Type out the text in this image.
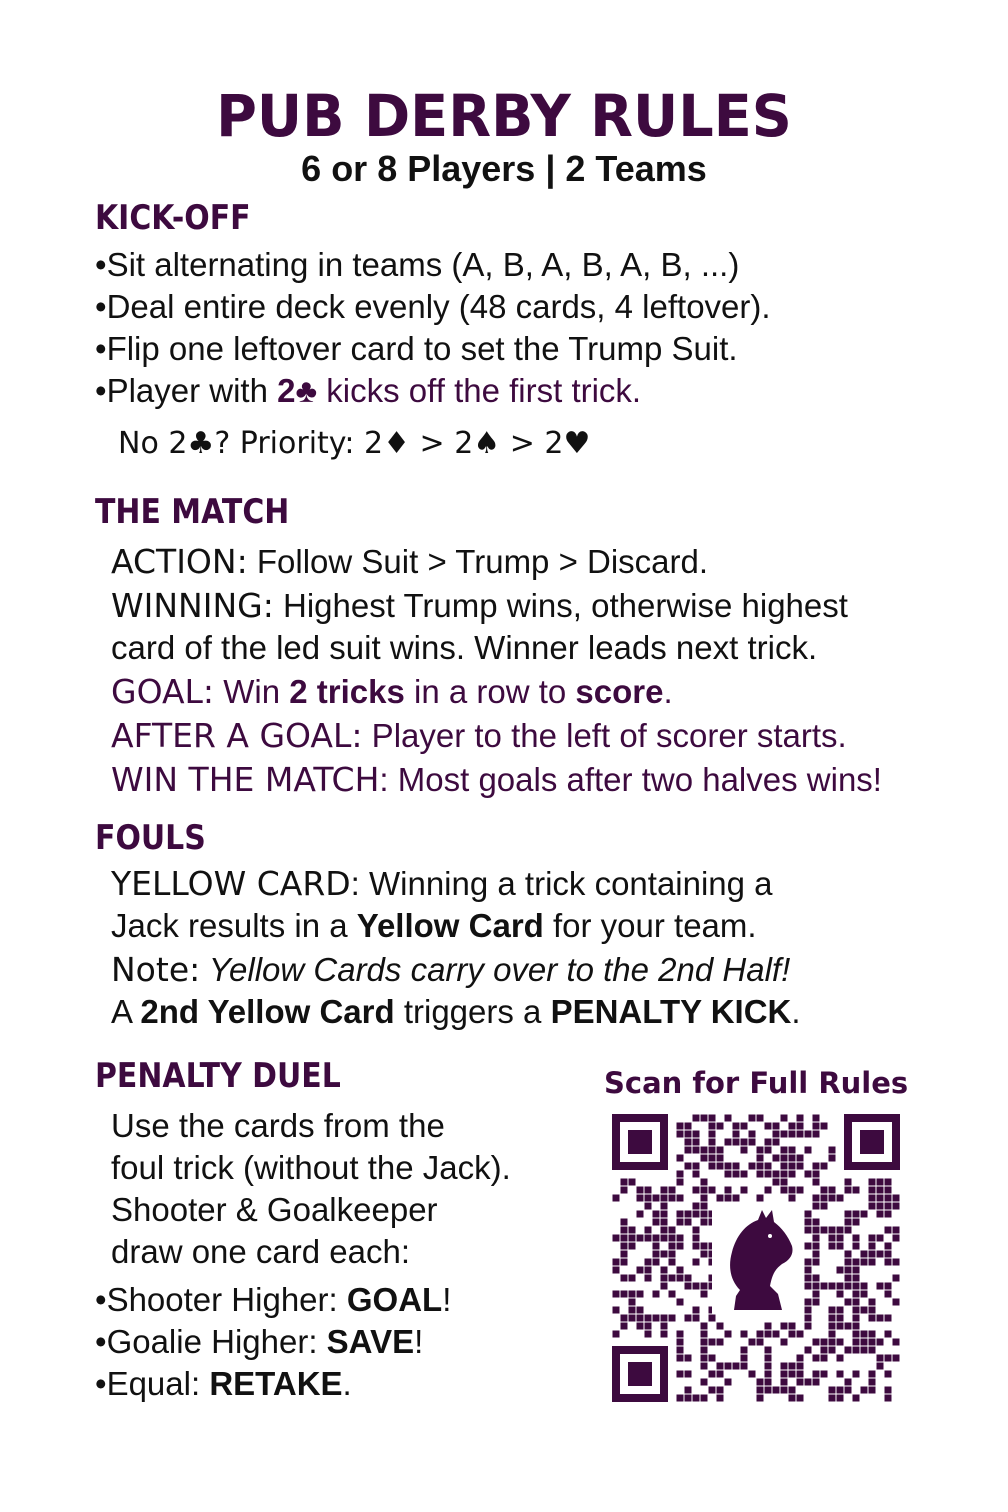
PUB DERBY RULES
6 or 8 Players | 2 Teams
KICK-OFF
•Sit alternating in teams (A, B, A, B, A, B, ...)
•Deal entire deck evenly (48 cards, 4 leftover).
•Flip one leftover card to set the Trump Suit.
•Player with 2♣ kicks off the first trick.
No 2♣? Priority: 2♦ > 2♠ > 2♥
THE MATCH
ACTION: Follow Suit > Trump > Discard.
WINNING: Highest Trump wins, otherwise highest
card of the led suit wins. Winner leads next trick.
GOAL: Win 2 tricks in a row to score.
AFTER A GOAL: Player to the left of scorer starts.
WIN THE MATCH: Most goals after two halves wins!
FOULS
YELLOW CARD: Winning a trick containing a
Jack results in a Yellow Card for your team.
Note: Yellow Cards carry over to the 2nd Half!
A 2nd Yellow Card triggers a PENALTY KICK.
PENALTY DUEL
Use the cards from the
foul trick (without the Jack).
Shooter & Goalkeeper
draw one card each:
•Shooter Higher: GOAL!
•Goalie Higher: SAVE!
•Equal: RETAKE.
Scan for Full Rules
